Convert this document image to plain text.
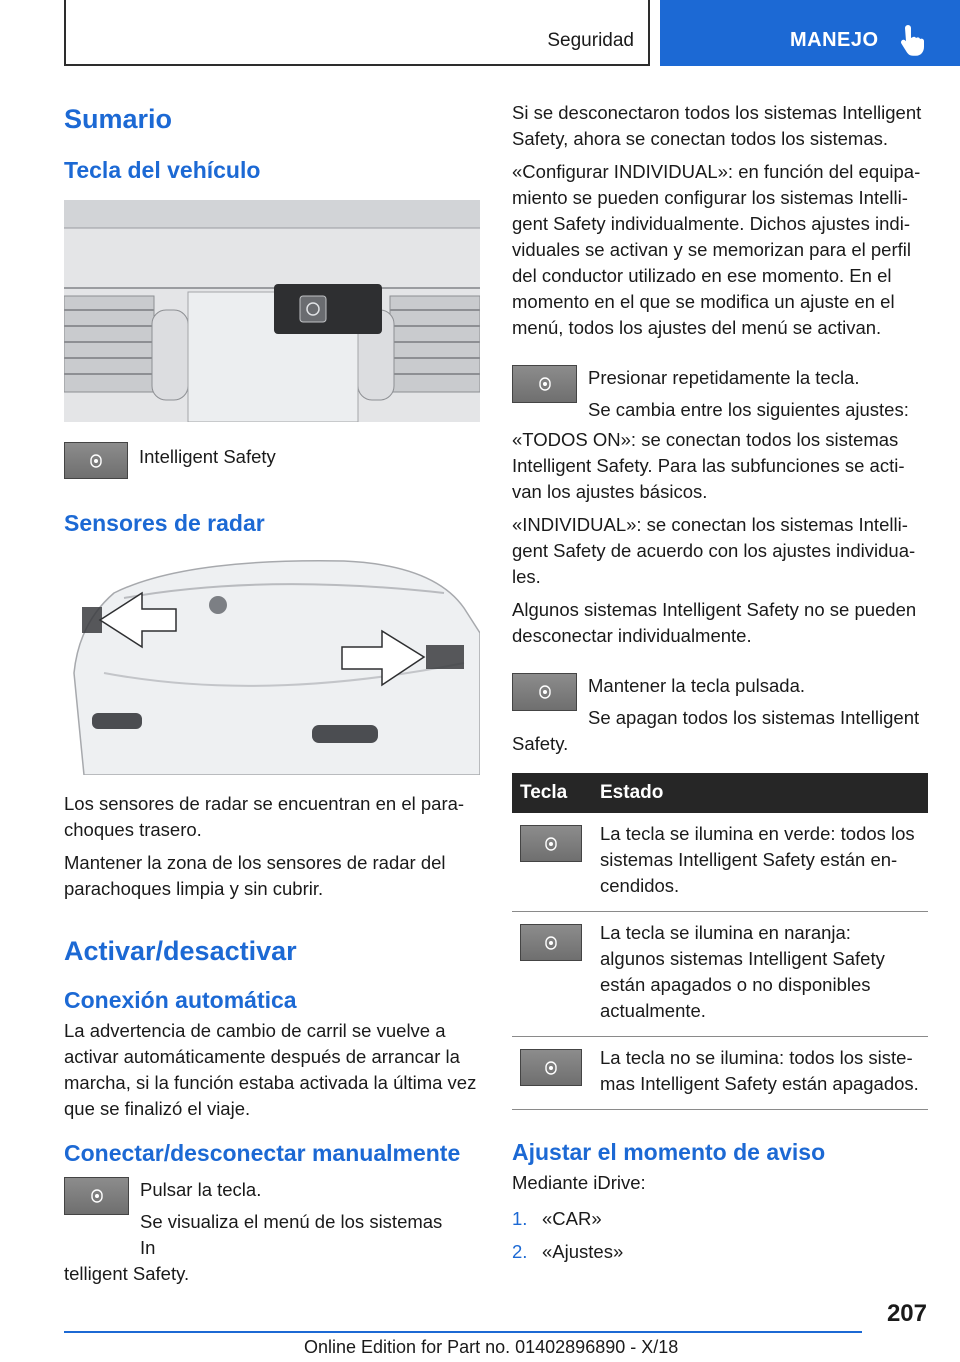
Seguridad	MANEJO
Sumario
Tecla del vehículo
Intelligent Safety
Sensores de radar

Los sensores de radar se encuentran en el parachoques trasero.

Mantener la zona de los sensores de radar del parachoques limpia y sin cubrir.

Activar/desactivar
Conexión automática

La advertencia de cambio de carril se vuelve a activar automáticamente después de arrancar la marcha, si la función estaba activada la última vez que se finalizó el viaje.

Conectar/desconectar manualmente

Pulsar la tecla.

Se visualiza el menú de los sistemas In

telligent Safety.

Si se desconectaron todos los sistemas Intelligent Safety, ahora se conectan todos los sistemas.

«Configurar INDIVIDUAL»: en función del equipamiento se pueden configurar los sistemas Intelligent Safety individualmente. Dichos ajustes individuales se activan y se memorizan para el perfil del conductor utilizado en ese momento. En el momento en el que se modifica un ajuste en el menú, todos los ajustes del menú se activan.

Presionar repetidamente la tecla.

Se cambia entre los siguientes ajustes:

«TODOS ON»: se conectan todos los sistemas Intelligent Safety. Para las subfunciones se activan los ajustes básicos.

«INDIVIDUAL»: se conectan los sistemas Intelligent Safety de acuerdo con los ajustes individuales.

Algunos sistemas Intelligent Safety no se pueden desconectar individualmente.

Mantener la tecla pulsada.

Se apagan todos los sistemas Intelligent

Safety.

Tecla	Estado

	La tecla se ilumina en verde: todos los sistemas Intelligent Safety están encendidos.

	La tecla se ilumina en naranja: algunos sistemas Intelligent Safety están apagados o no disponibles actualmente.

	La tecla no se ilumina: todos los sistemas Intelligent Safety están apagados.
Ajustar el momento de aviso

Mediante iDrive:

1. «CAR»
2. «Ajustes»
207
Online Edition for Part no. 01402896890 - X/18
